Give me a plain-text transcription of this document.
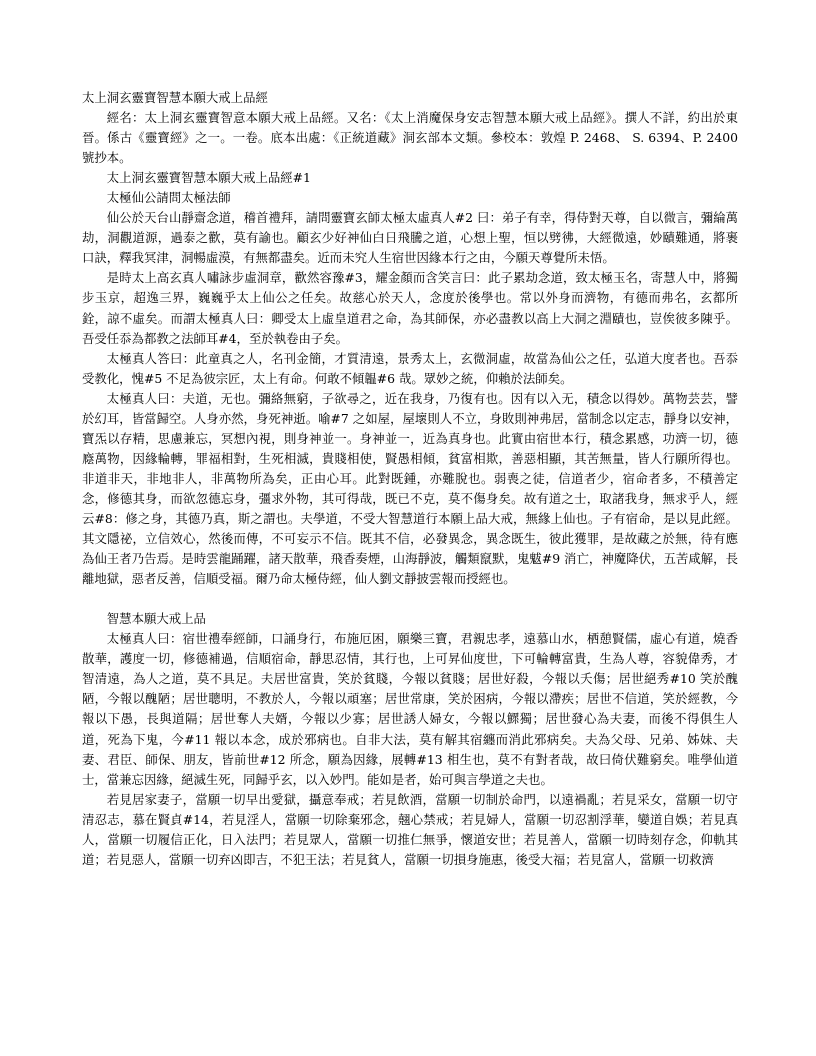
太上洞玄靈寶智慧本願大戒上品經

經名：太上洞玄靈寶智意本願大戒上品經。又名：《太上消魔保身安志智慧本願大戒上品經》。撰人不詳，約出於東晉。係古《靈寶經》之一。一卷。底本出處：《正統道藏》洞玄部本文類。參校本：敦煌 P. 2468、 S. 6394、P. 2400 號抄本。

太上洞玄靈寶智慧本願大戒上品經#1

太極仙公請問太極法師

仙公於天台山靜齋念道，稽首禮拜，請問靈寶玄師太極太虛真人#2 曰：弟子有幸，得侍對天尊，自以微言，彌綸萬劫，洞觀道源，過泰之歡，莫有諭也。顧玄少好神仙白日飛騰之道，心想上聖，恒以劈彿，大經微遠，妙賾難通，將裹口訣，釋我冥津，洞暢虛漠，有無都盡矣。近而未究人生宿世因緣本行之由，今願天尊覺所未悟。

是時太上高玄真人嘯詠步虛洞章，歡然容豫#3，耀金顏而含笑言曰：此子累劫念道，致太極玉名，寄慧人中，將獨步玉京，超逸三界，巍巍乎太上仙公之任矣。故慈心於天人，念度於後學也。常以外身而濟物，有德而弗名，玄都所銓，諒不虛矣。而謂太極真人曰：卿受太上虛皇道君之命，為其師保，亦必盡教以高上大洞之淵賾也，豈俟彼多陳乎。吾受任忝為都教之法師耳#4，至於執卷由子矣。

太極真人答曰：此童真之人，名刊金簡，才質清遠，景秀太上，玄微洞虛，故當為仙公之任，弘道大度者也。吾忝受教化，愧#5 不足為彼宗匠，太上有命。何敢不傾韞#6 哉。眾妙之統，仰賴於法師矣。

太極真人曰：夫道，无也。彌絡無窮，子欲尋之，近在我身，乃復有也。因有以入无，積念以得妙。萬物芸芸，譬於幻耳，皆當歸空。人身亦然，身死神逝。喻#7 之如屋，屋壞則人不立，身敗則神弗居，當制念以定志，靜身以安神，寶炁以存精，思慮兼忘，冥想內視，則身神並一。身神並一，近為真身也。此實由宿世本行，積念累感，功濟一切，德廕萬物，因緣輪轉，罪福相對，生死相滅，貴賤相使，賢愚相傾，貧富相欺，善惡相顯，其苦無量，皆人行願所得也。非道非天，非地非人，非萬物所為矣，正由心耳。此對既鍾，亦難脫也。弱喪之徒，信道者少，宿命者多，不積善定念，修德其身，而欲忽德忘身，彊求外物，其可得哉，既已不克，莫不傷身矣。故有道之士，取諸我身，無求乎人，經云#8：修之身，其德乃真，斯之謂也。夫學道，不受大智慧道行本願上品大戒，無緣上仙也。子有宿命，是以見此經。其文隱祕，立信效心，然後而傳，不可妄示不信。既其不信，必發異念，異念既生，彼此獲罪，是故藏之於無，待有應為仙王者乃告焉。是時雲龍踊躍，諸天散華，飛香奏煙，山海靜波，觸類竄默，鬼魃#9 消亡，神魔降伏，五苦咸解，長離地獄，惡者反善，信順受福。爾乃命太極侍經，仙人劉文靜披雲報而授經也。

智慧本願大戒上品

太極真人曰：宿世禮奉經師，口誦身行，布施厄困，願樂三寶，君親忠孝，遠慕山水，栖憩賢儒，虛心有道，燒香散華，護度一切，修德補過，信順宿命，靜思忍情，其行也，上可昇仙度世，下可輪轉富貴，生為人尊，容貌偉秀，才智清遠，為人之道，莫不具足。夫居世富貴，笑於貧賤，今報以貧賤；居世好殺，今報以夭傷；居世絕秀#10 笑於醜陋，今報以醜陋；居世聰明，不教於人，今報以頑塞；居世常康，笑於困病，今報以滯疾；居世不信道，笑於經教，今報以下愚，長與道隔；居世奪人夫婿，今報以少寡；居世誘人婦女，今報以鰥獨；居世發心為夫妻，而後不得俱生人道，死為下鬼，今#11 報以本念，成於邪病也。自非大法，莫有解其宿纏而消此邪病矣。夫為父母、兄弟、姊妹、夫妻、君臣、師保、朋友，皆前世#12 所念，願為因緣，展轉#13 相生也，莫不有對者哉，故曰倚伏難窮矣。唯學仙道士，當兼忘因緣，絕滅生死，同歸乎玄，以入妙門。能如是者，始可與言學道之夫也。

若見居家妻子，當願一切早出愛獄，攝意奉戒；若見飲酒，當願一切制於命門，以遠禍亂；若見采女，當願一切守清忍志，慕在賢貞#14，若見淫人，當願一切除棄邪念，翹心禁戒；若見婦人，當願一切忍割浮華，孌道自娛；若見真人，當願一切履信正化，日入法門；若見眾人，當願一切推仁無爭，懷道安世；若見善人，當願一切時刻存念，仰軌其道；若見惡人，當願一切弃凶即吉，不犯王法；若見貧人，當願一切損身施惠，後受大福；若見富人，當願一切救濟
